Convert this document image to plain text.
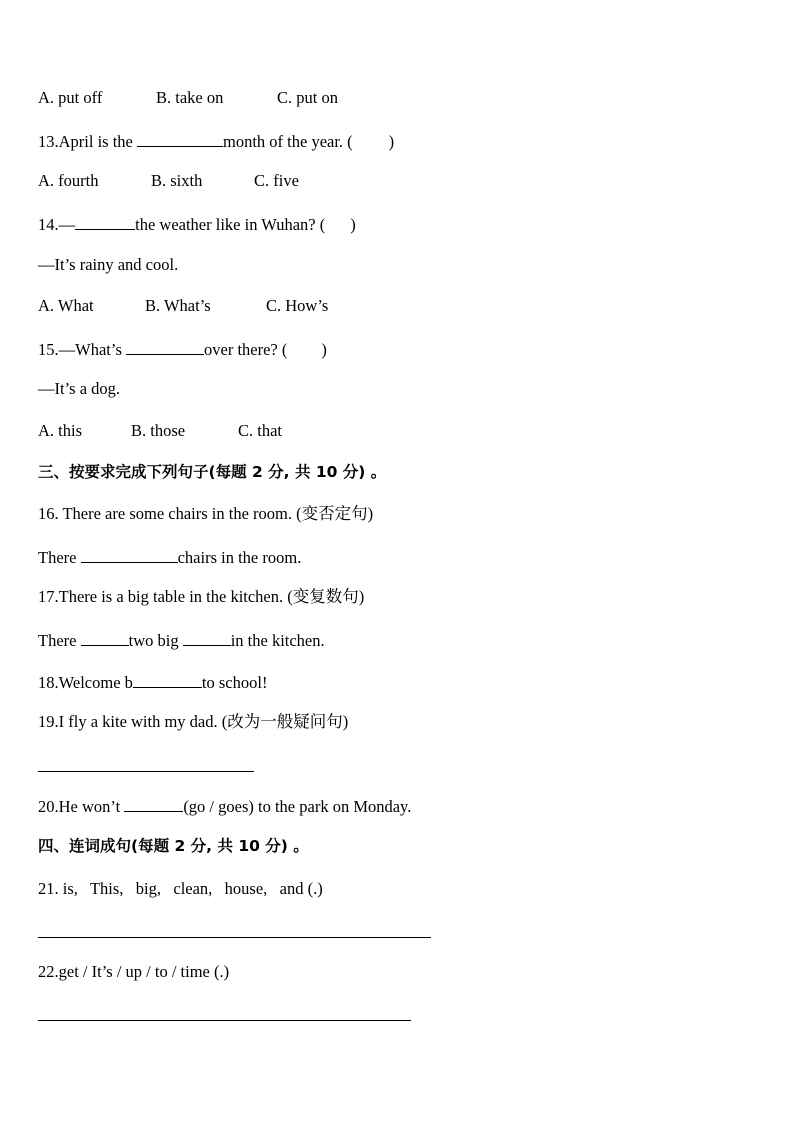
A. put off	B. take on	C. put on
13.April is the	month of the year. ( )
A. fourth	B. sixth	C. five
14.—	the weather like in Wuhan? ( )
—It’s rainy and cool.
A. What	B. What’s	C. How’s
15.—What’s	over there? ( )
—It’s a dog.
A. this	B. those	C. that
三、按要求完成下列句子(每题 2 分, 共 10 分) 。
16. There are some chairs in the room. (变否定句)
There	chairs in the room.
17.There is a big table in the kitchen. (变复数句)
There	two big	in the kitchen.
18.Welcome b	to school!
19.I fly a kite with my dad. (改为一般疑问句)
20.He won’t	(go / goes) to the park on Monday.
四、连词成句(每题 2 分, 共 10 分) 。
21. is,   This,   big,   clean,   house,   and (.)
22.get / It’s / up / to / time (.)
